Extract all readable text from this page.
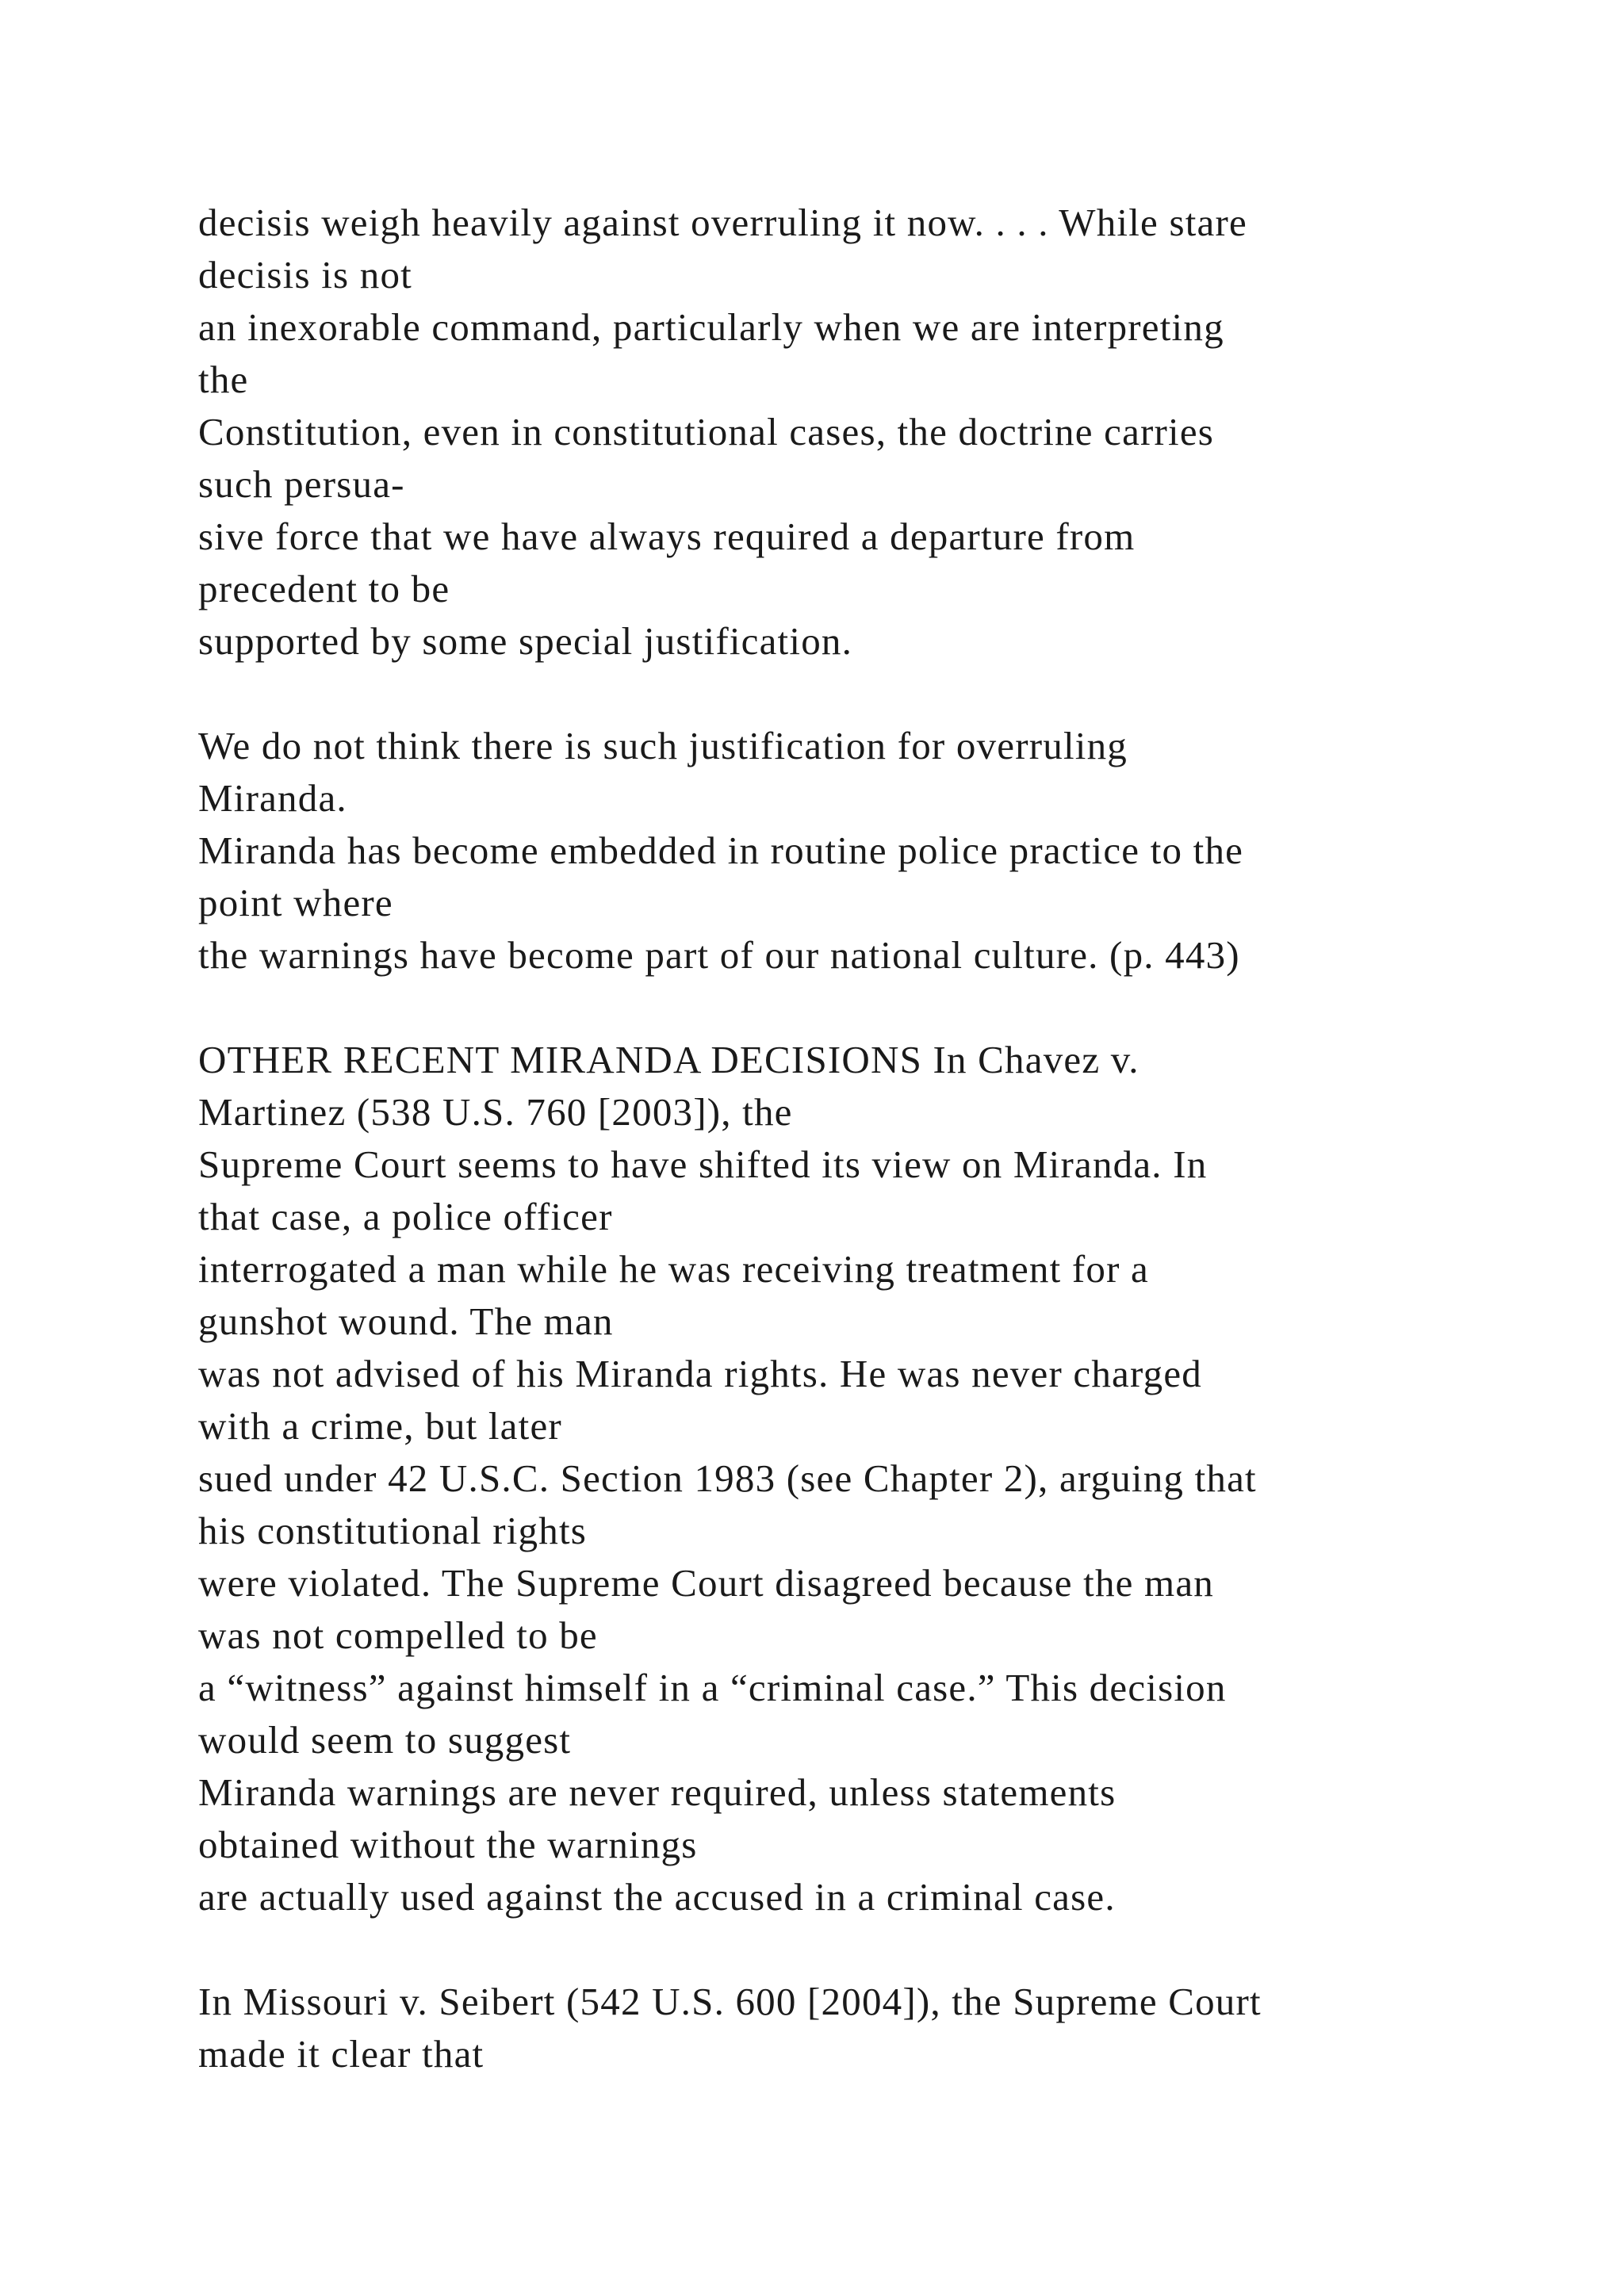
decisis weigh heavily against overruling it now. . . . While stare
decisis is not
an inexorable command, particularly when we are interpreting
the
Constitution, even in constitutional cases, the doctrine carries
such persua-
sive force that we have always required a departure from
precedent to be
supported by some special justification.
We do not think there is such justification for overruling
Miranda.
Miranda has become embedded in routine police practice to the
point where
the warnings have become part of our national culture. (p. 443)
OTHER RECENT MIRANDA DECISIONS In Chavez v.
Martinez (538 U.S. 760 [2003]), the
Supreme Court seems to have shifted its view on Miranda. In
that case, a police officer
interrogated a man while he was receiving treatment for a
gunshot wound. The man
was not advised of his Miranda rights. He was never charged
with a crime, but later
sued under 42 U.S.C. Section 1983 (see Chapter 2), arguing that
his constitutional rights
were violated. The Supreme Court disagreed because the man
was not compelled to be
a “witness” against himself in a “criminal case.” This decision
would seem to suggest
Miranda warnings are never required, unless statements
obtained without the warnings
are actually used against the accused in a criminal case.
In Missouri v. Seibert (542 U.S. 600 [2004]), the Supreme Court
made it clear that
